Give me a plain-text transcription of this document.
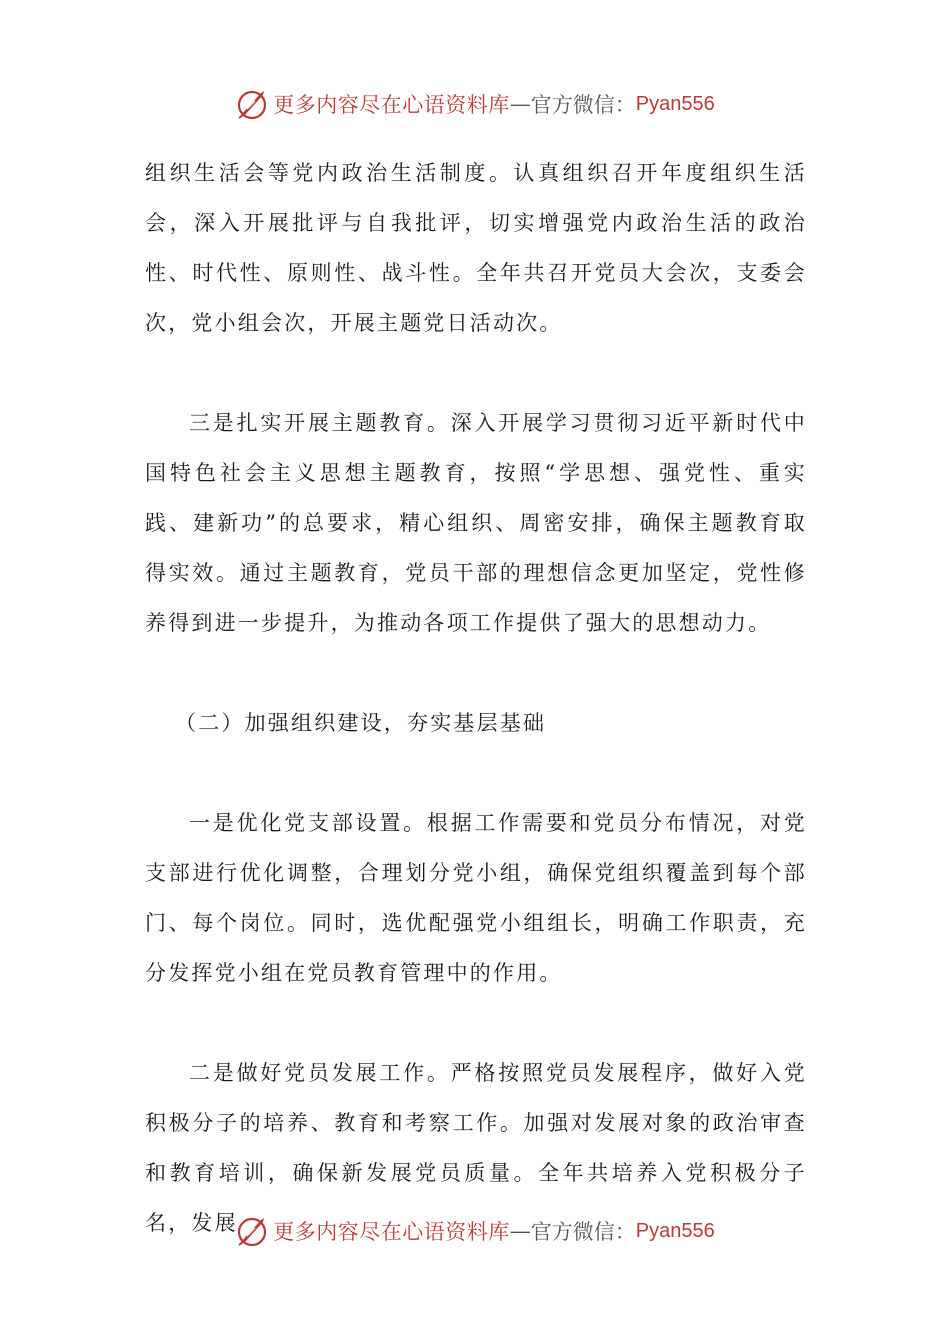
更多内容尽在心语资料库 — 官方微信： Pyan556

组织生活会等党内政治生活制度。认真组织召开年度组织生活会，深入开展批评与自我批评，切实增强党内政治生活的政治性、时代性、原则性、战斗性。全年共召开党员大会次，支委会次，党小组会次，开展主题党日活动次。

三是扎实开展主题教育。深入开展学习贯彻习近平新时代中国特色社会主义思想主题教育，按照“学思想、强党性、重实践、建新功”的总要求，精心组织、周密安排，确保主题教育取得实效。通过主题教育，党员干部的理想信念更加坚定，党性修养得到进一步提升，为推动各项工作提供了强大的思想动力。

（二）加强组织建设，夯实基层基础

一是优化党支部设置。根据工作需要和党员分布情况，对党支部进行优化调整，合理划分党小组，确保党组织覆盖到每个部门、每个岗位。同时，选优配强党小组组长，明确工作职责，充分发挥党小组在党员教育管理中的作用。

二是做好党员发展工作。严格按照党员发展程序，做好入党积极分子的培养、教育和考察工作。加强对发展对象的政治审查和教育培训，确保新发展党员质量。全年共培养入党积极分子名，发展	更多内容尽在心语资料库 — 官方微信： Pyan556
